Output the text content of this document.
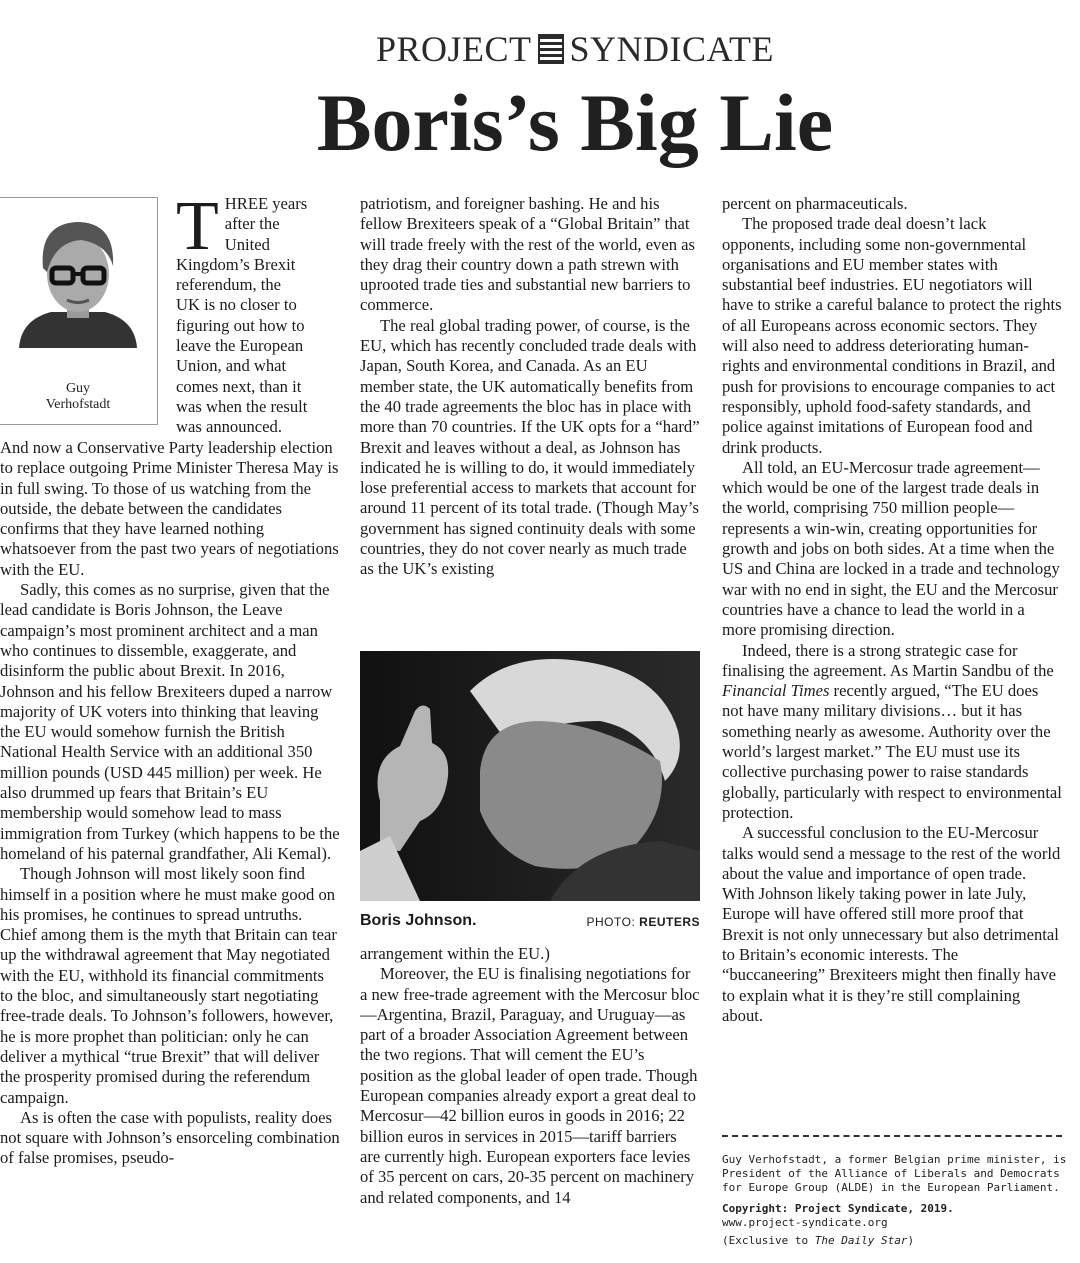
PROJECT SYNDICATE
Boris’s Big Lie
Guy
Verhofstadt
T HREE years
after the
United
Kingdom’s Brexit
referendum, the
UK is no closer to
figuring out how to
leave the European
Union, and what
comes next, than it
was when the result
was announced.

And now a Conservative Party leadership election to replace outgoing Prime Minister Theresa May is in full swing. To those of us watching from the outside, the debate between the candidates confirms that they have learned nothing whatsoever from the past two years of negotiations with the EU.

Sadly, this comes as no surprise, given that the lead candidate is Boris Johnson, the Leave campaign’s most prominent architect and a man who continues to dissemble, exaggerate, and disinform the public about Brexit. In 2016, Johnson and his fellow Brexiteers duped a narrow majority of UK voters into thinking that leaving the EU would somehow furnish the British National Health Service with an additional 350 million pounds (USD 445 million) per week. He also drummed up fears that Britain’s EU membership would somehow lead to mass immigration from Turkey (which happens to be the homeland of his paternal grandfather, Ali Kemal).

Though Johnson will most likely soon find himself in a position where he must make good on his promises, he continues to spread untruths. Chief among them is the myth that Britain can tear up the withdrawal agreement that May negotiated with the EU, withhold its financial commitments to the bloc, and simultaneously start negotiating free-trade deals. To Johnson’s followers, however, he is more prophet than politician: only he can deliver a mythical “true Brexit” that will deliver the prosperity promised during the referendum campaign.

As is often the case with populists, reality does not square with Johnson’s ensorceling combination of false promises, pseudo-

patriotism, and foreigner bashing. He and his fellow Brexiteers speak of a “Global Britain” that will trade freely with the rest of the world, even as they drag their country down a path strewn with uprooted trade ties and substantial new barriers to commerce.

The real global trading power, of course, is the EU, which has recently concluded trade deals with Japan, South Korea, and Canada. As an EU member state, the UK automatically benefits from the 40 trade agreements the bloc has in place with more than 70 countries. If the UK opts for a “hard” Brexit and leaves without a deal, as Johnson has indicated he is willing to do, it would immediately lose preferential access to markets that account for around 11 percent of its total trade. (Though May’s government has signed continuity deals with some countries, they do not cover nearly as much trade as the UK’s existing

Boris Johnson.	PHOTO: REUTERS

arrangement within the EU.)

Moreover, the EU is finalising negotiations for a new free-trade agreement with the Mercosur bloc—Argentina, Brazil, Paraguay, and Uruguay—as part of a broader Association Agreement between the two regions. That will cement the EU’s position as the global leader of open trade. Though European companies already export a great deal to Mercosur—42 billion euros in goods in 2016; 22 billion euros in services in 2015—tariff barriers are currently high. European exporters face levies of 35 percent on cars, 20-35 percent on machinery and related components, and 14

percent on pharmaceuticals.

The proposed trade deal doesn’t lack opponents, including some non-governmental organisations and EU member states with substantial beef industries. EU negotiators will have to strike a careful balance to protect the rights of all Europeans across economic sectors. They will also need to address deteriorating human-rights and environmental conditions in Brazil, and push for provisions to encourage companies to act responsibly, uphold food-safety standards, and police against imitations of European food and drink products.

All told, an EU-Mercosur trade agreement—which would be one of the largest trade deals in the world, comprising 750 million people—represents a win-win, creating opportunities for growth and jobs on both sides. At a time when the US and China are locked in a trade and technology war with no end in sight, the EU and the Mercosur countries have a chance to lead the world in a more promising direction.

Indeed, there is a strong strategic case for finalising the agreement. As Martin Sandbu of the Financial Times recently argued, “The EU does not have many military divisions… but it has something nearly as awesome. Authority over the world’s largest market.” The EU must use its collective purchasing power to raise standards globally, particularly with respect to environmental protection.

A successful conclusion to the EU-Mercosur talks would send a message to the rest of the world about the value and importance of open trade. With Johnson likely taking power in late July, Europe will have offered still more proof that Brexit is not only unnecessary but also detrimental to Britain’s economic interests. The “buccaneering” Brexiteers might then finally have to explain what it is they’re still complaining about.

Guy Verhofstadt, a former Belgian prime minister, is President of the Alliance of Liberals and Democrats for Europe Group (ALDE) in the European Parliament.
Copyright: Project Syndicate, 2019.
www.project-syndicate.org
(Exclusive to The Daily Star)
